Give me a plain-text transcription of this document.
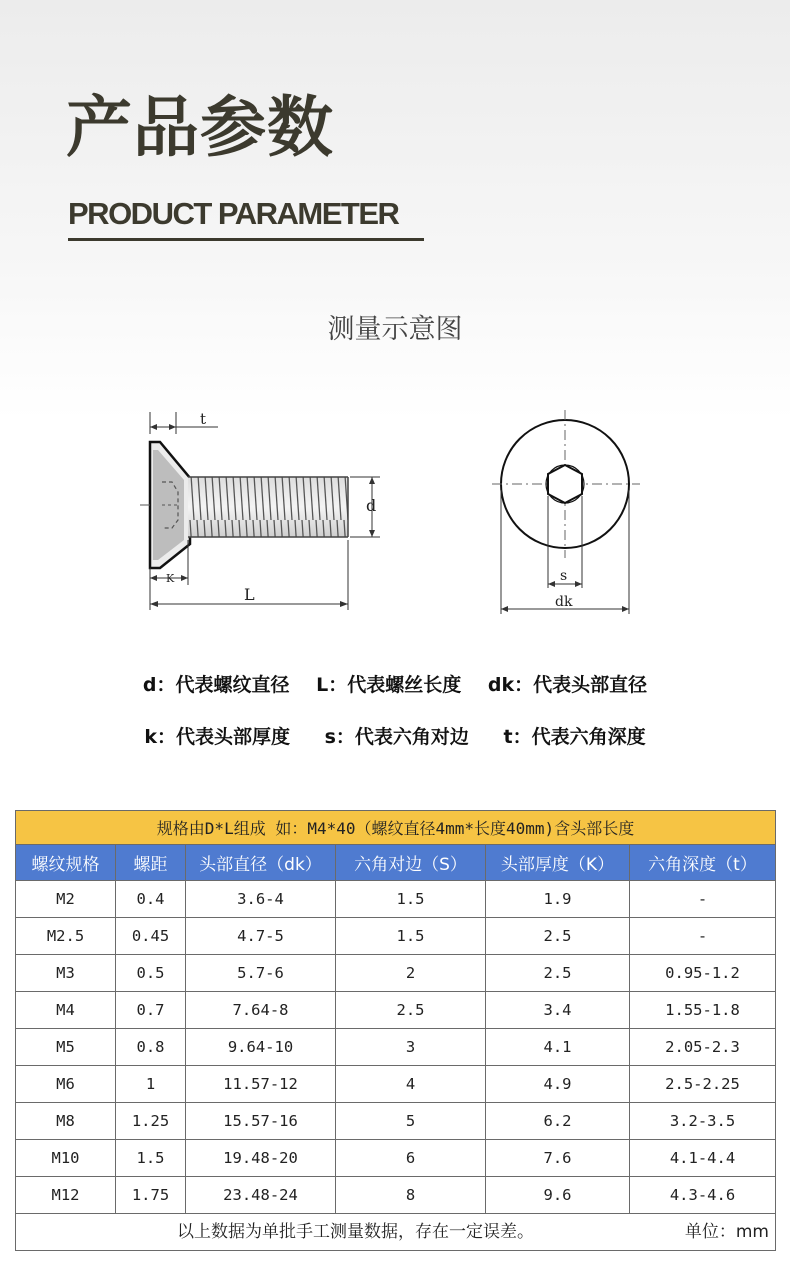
产品参数
PRODUCT PARAMETER
测量示意图
t
d
K
L
s
dk
d：代表螺纹直径 L：代表螺丝长度 dk：代表头部直径
k：代表头部厚度 s：代表六角对边 t：代表六角深度
规格由D*L组成 如：M4*40（螺纹直径4mm*长度40mm)含头部长度					
螺纹规格	螺距	头部直径（dk）	六角对边（S）	头部厚度（K）	六角深度（t）
M2	0.4	3.6-4	1.5	1.9	-
M2.5	0.45	4.7-5	1.5	2.5	-
M3	0.5	5.7-6	2	2.5	0.95-1.2
M4	0.7	7.64-8	2.5	3.4	1.55-1.8
M5	0.8	9.64-10	3	4.1	2.05-2.3
M6	1	11.57-12	4	4.9	2.5-2.25
M8	1.25	15.57-16	5	6.2	3.2-3.5
M10	1.5	19.48-20	6	7.6	4.1-4.4
M12	1.75	23.48-24	8	9.6	4.3-4.6

以上数据为单批手工测量数据，存在一定误差。 单位：mm					
